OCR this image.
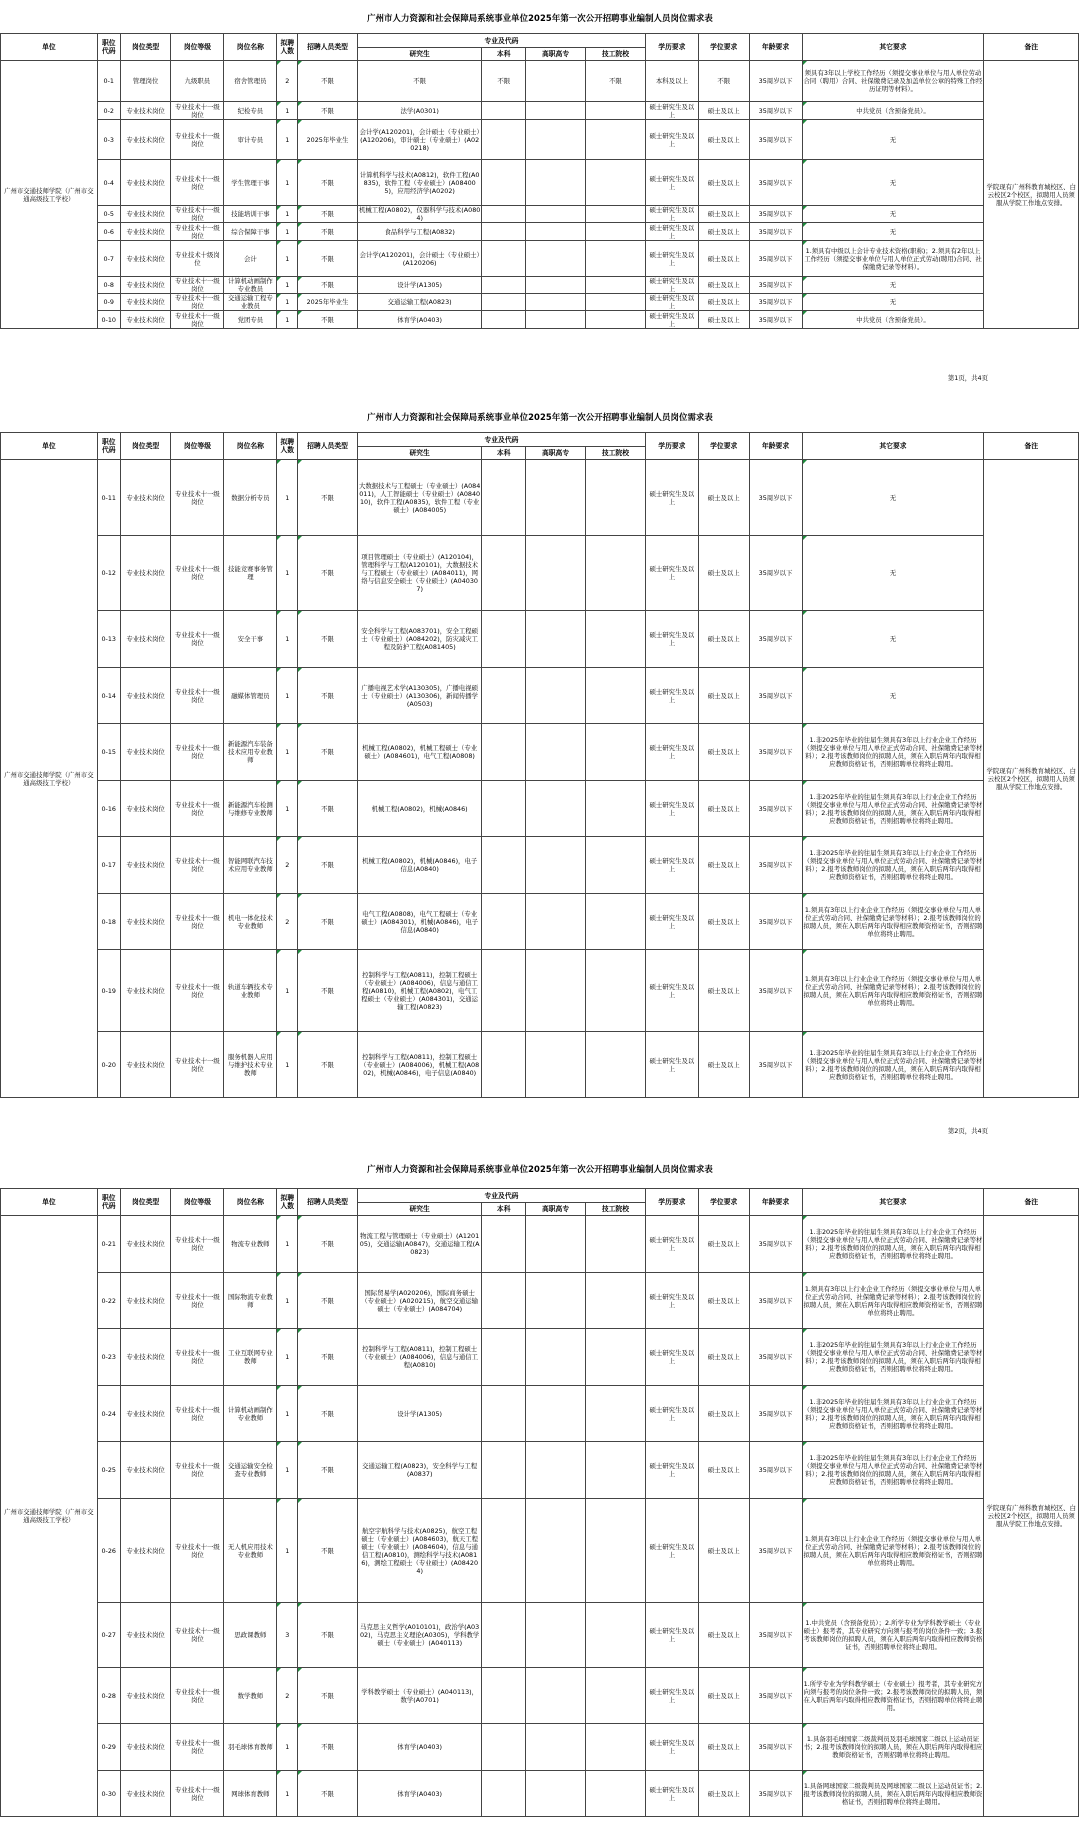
广州市人力资源和社会保障局系统事业单位2025年第一次公开招聘事业编制人员岗位需求表
单位	职位代码	岗位类型	岗位等级	岗位名称	拟聘人数	招聘人员类型	专业及代码				学历要求	学位要求	年龄要求	其它要求	备注
							研究生	本科	高职高专	技工院校					
广州市交通技师学院（广州市交通高级技工学校）	0-1	管理岗位	九级职员	宿舍管理员	2	不限	不限	不限		不限	本科及以上	不限	35周岁以下	须具有3年以上学校工作经历（须提交事业单位与用人单位劳动合同（聘用）合同、社保缴费记录及加盖单位公章的特殊工作经历证明等材料）。	学院现有广州科教育城校区、白云校区2个校区，拟聘用人员须服从学院工作地点安排。
	0-2	专业技术岗位	专业技术十一级岗位	纪检专员	1	不限	法学(A0301)				硕士研究生及以上	硕士及以上	35周岁以下	中共党员（含预备党员）。	
	0-3	专业技术岗位	专业技术十一级岗位	审计专员	1	2025年毕业生	会计学(A120201)，会计硕士（专业硕士）(A120206)，审计硕士（专业硕士）(A020218)				硕士研究生及以上	硕士及以上	35周岁以下	无	
	0-4	专业技术岗位	专业技术十一级岗位	学生管理干事	1	不限	计算机科学与技术(A0812)，软件工程(A0835)，软件工程（专业硕士）(A084005)，应用经济学(A0202)				硕士研究生及以上	硕士及以上	35周岁以下	无	
	0-5	专业技术岗位	专业技术十一级岗位	技能培训干事	1	不限	机械工程(A0802)，仪器科学与技术(A0804)				硕士研究生及以上	硕士及以上	35周岁以下	无	
	0-6	专业技术岗位	专业技术十一级岗位	综合保障干事	1	不限	食品科学与工程(A0832)				硕士研究生及以上	硕士及以上	35周岁以下	无	
	0-7	专业技术岗位	专业技术十级岗位	会计	1	不限	会计学(A120201)，会计硕士（专业硕士）(A120206)				硕士研究生及以上	硕士及以上	35周岁以下	1.须具有中级以上会计专业技术资格(职称)；2.须具有2年以上工作经历（须提交事业单位与用人单位正式劳动(聘用)合同、社保缴费记录等材料）。	
	0-8	专业技术岗位	专业技术十一级岗位	计算机动画制作专业教员	1	不限	设计学(A1305)				硕士研究生及以上	硕士及以上	35周岁以下	无	
	0-9	专业技术岗位	专业技术十一级岗位	交通运输工程专业教员	1	2025年毕业生	交通运输工程(A0823)				硕士研究生及以上	硕士及以上	35周岁以下	无	
	0-10	专业技术岗位	专业技术十一级岗位	党团专员	1	不限	体育学(A0403)				硕士研究生及以上	硕士及以上	35周岁以下	中共党员（含预备党员）。	
第1页，共4页
广州市人力资源和社会保障局系统事业单位2025年第一次公开招聘事业编制人员岗位需求表
单位	职位代码	岗位类型	岗位等级	岗位名称	拟聘人数	招聘人员类型	专业及代码				学历要求	学位要求	年龄要求	其它要求	备注
							研究生	本科	高职高专	技工院校					
广州市交通技师学院（广州市交通高级技工学校）	0-11	专业技术岗位	专业技术十一级岗位	数据分析专员	1	不限	大数据技术与工程硕士（专业硕士）(A084011)，人工智能硕士（专业硕士）(A084010)，软件工程(A0835)，软件工程（专业硕士）(A084005)				硕士研究生及以上	硕士及以上	35周岁以下	无	学院现有广州科教育城校区、白云校区2个校区，拟聘用人员须服从学院工作地点安排。
	0-12	专业技术岗位	专业技术十一级岗位	技能竞赛事务管理	1	不限	项目管理硕士（专业硕士）(A120104)，管理科学与工程(A120101)，大数据技术与工程硕士（专业硕士）(A084011)，网络与信息安全硕士（专业硕士）(A040307)				硕士研究生及以上	硕士及以上	35周岁以下	无	
	0-13	专业技术岗位	专业技术十一级岗位	安全干事	1	不限	安全科学与工程(A083701)，安全工程硕士（专业硕士）(A084202)，防灾减灾工程及防护工程(A081405)				硕士研究生及以上	硕士及以上	35周岁以下	无	
	0-14	专业技术岗位	专业技术十一级岗位	融媒体管理员	1	不限	广播电视艺术学(A130305)，广播电视硕士（专业硕士）(A130306)，新闻传播学(A0503)				硕士研究生及以上	硕士及以上	35周岁以下	无	
	0-15	专业技术岗位	专业技术十一级岗位	新能源汽车装备技术应用专业教师	1	不限	机械工程(A0802)，机械工程硕士（专业硕士）(A084601)，电气工程(A0808)				硕士研究生及以上	硕士及以上	35周岁以下	1.非2025年毕业的往届生须具有3年以上行业企业工作经历（须提交事业单位与用人单位正式劳动合同、社保缴费记录等材料）；2.报考该教师岗位的拟聘人员，须在入职后两年内取得相应教师资格证书，否则招聘单位将终止聘用。	
	0-16	专业技术岗位	专业技术十一级岗位	新能源汽车检测与维修专业教师	1	不限	机械工程(A0802)，机械(A0846)				硕士研究生及以上	硕士及以上	35周岁以下	1.非2025年毕业的往届生须具有3年以上行业企业工作经历（须提交事业单位与用人单位正式劳动合同、社保缴费记录等材料）；2.报考该教师岗位的拟聘人员，须在入职后两年内取得相应教师资格证书，否则招聘单位将终止聘用。	
	0-17	专业技术岗位	专业技术十一级岗位	智能网联汽车技术应用专业教师	2	不限	机械工程(A0802)，机械(A0846)，电子信息(A0840)				硕士研究生及以上	硕士及以上	35周岁以下	1.非2025年毕业的往届生须具有3年以上行业企业工作经历（须提交事业单位与用人单位正式劳动合同、社保缴费记录等材料）；2.报考该教师岗位的拟聘人员，须在入职后两年内取得相应教师资格证书，否则招聘单位将终止聘用。	
	0-18	专业技术岗位	专业技术十一级岗位	机电一体化技术专业教师	2	不限	电气工程(A0808)，电气工程硕士（专业硕士）(A084301)，机械(A0846)，电子信息(A0840)				硕士研究生及以上	硕士及以上	35周岁以下	1.须具有3年以上行业企业工作经历（须提交事业单位与用人单位正式劳动合同、社保缴费记录等材料）；2.报考该教师岗位的拟聘人员，须在入职后两年内取得相应教师资格证书，否则招聘单位将终止聘用。	
	0-19	专业技术岗位	专业技术十一级岗位	轨道车辆技术专业教师	1	不限	控制科学与工程(A0811)，控制工程硕士（专业硕士）(A084006)，信息与通信工程(A0810)，机械工程(A0802)，电气工程硕士（专业硕士）(A084301)，交通运输工程(A0823)				硕士研究生及以上	硕士及以上	35周岁以下	1.须具有3年以上行业企业工作经历（须提交事业单位与用人单位正式劳动合同、社保缴费记录等材料）；2.报考该教师岗位的拟聘人员，须在入职后两年内取得相应教师资格证书，否则招聘单位将终止聘用。	
	0-20	专业技术岗位	专业技术十一级岗位	服务机器人应用与维护技术专业教师	1	不限	控制科学与工程(A0811)，控制工程硕士（专业硕士）(A084006)，机械工程(A0802)，机械(A0846)，电子信息(A0840)				硕士研究生及以上	硕士及以上	35周岁以下	1.非2025年毕业的往届生须具有3年以上行业企业工作经历（须提交事业单位与用人单位正式劳动合同、社保缴费记录等材料）；2.报考该教师岗位的拟聘人员，须在入职后两年内取得相应教师资格证书，否则招聘单位将终止聘用。	
第2页，共4页
广州市人力资源和社会保障局系统事业单位2025年第一次公开招聘事业编制人员岗位需求表
单位	职位代码	岗位类型	岗位等级	岗位名称	拟聘人数	招聘人员类型	专业及代码				学历要求	学位要求	年龄要求	其它要求	备注
							研究生	本科	高职高专	技工院校					
广州市交通技师学院（广州市交通高级技工学校）	0-21	专业技术岗位	专业技术十一级岗位	物流专业教师	1	不限	物流工程与管理硕士（专业硕士）(A120105)，交通运输(A0847)，交通运输工程(A0823)				硕士研究生及以上	硕士及以上	35周岁以下	1.非2025年毕业的往届生须具有3年以上行业企业工作经历（须提交事业单位与用人单位正式劳动合同、社保缴费记录等材料）；2.报考该教师岗位的拟聘人员，须在入职后两年内取得相应教师资格证书，否则招聘单位将终止聘用。	学院现有广州科教育城校区、白云校区2个校区，拟聘用人员须服从学院工作地点安排。
	0-22	专业技术岗位	专业技术十一级岗位	国际物流专业教师	1	不限	国际贸易学(A020206)，国际商务硕士（专业硕士）(A020215)，航空交通运输硕士（专业硕士）(A084704)				硕士研究生及以上	硕士及以上	35周岁以下	1.须具有3年以上行业企业工作经历（须提交事业单位与用人单位正式劳动合同、社保缴费记录等材料）；2.报考该教师岗位的拟聘人员，须在入职后两年内取得相应教师资格证书，否则招聘单位将终止聘用。	
	0-23	专业技术岗位	专业技术十一级岗位	工业互联网专业教师	1	不限	控制科学与工程(A0811)，控制工程硕士（专业硕士）(A084006)，信息与通信工程(A0810)				硕士研究生及以上	硕士及以上	35周岁以下	1.非2025年毕业的往届生须具有3年以上行业企业工作经历（须提交事业单位与用人单位正式劳动合同、社保缴费记录等材料）；2.报考该教师岗位的拟聘人员，须在入职后两年内取得相应教师资格证书，否则招聘单位将终止聘用。	
	0-24	专业技术岗位	专业技术十一级岗位	计算机动画制作专业教师	1	不限	设计学(A1305)				硕士研究生及以上	硕士及以上	35周岁以下	1.非2025年毕业的往届生须具有3年以上行业企业工作经历（须提交事业单位与用人单位正式劳动合同、社保缴费记录等材料）；2.报考该教师岗位的拟聘人员，须在入职后两年内取得相应教师资格证书，否则招聘单位将终止聘用。	
	0-25	专业技术岗位	专业技术十一级岗位	交通运输安全检查专业教师	1	不限	交通运输工程(A0823)，安全科学与工程(A0837)				硕士研究生及以上	硕士及以上	35周岁以下	1.非2025年毕业的往届生须具有3年以上行业企业工作经历（须提交事业单位与用人单位正式劳动合同、社保缴费记录等材料）；2.报考该教师岗位的拟聘人员，须在入职后两年内取得相应教师资格证书，否则招聘单位将终止聘用。	
	0-26	专业技术岗位	专业技术十一级岗位	无人机应用技术专业教师	1	不限	航空宇航科学与技术(A0825)，航空工程硕士（专业硕士）(A084603)，航天工程硕士（专业硕士）(A084604)，信息与通信工程(A0810)，测绘科学与技术(A0816)，测绘工程硕士（专业硕士）(A084204)				硕士研究生及以上	硕士及以上	35周岁以下	1.须具有3年以上行业企业工作经历（须提交事业单位与用人单位正式劳动合同、社保缴费记录等材料）；2.报考该教师岗位的拟聘人员，须在入职后两年内取得相应教师资格证书，否则招聘单位将终止聘用。	
	0-27	专业技术岗位	专业技术十一级岗位	思政课教师	3	不限	马克思主义哲学(A010101)，政治学(A0302)，马克思主义理论(A0305)，学科教学硕士（专业硕士）(A040113)				硕士研究生及以上	硕士及以上	35周岁以下	1.中共党员（含预备党员）；2.所学专业为学科教学硕士（专业硕士）报考者，其专业研究方向须与报考的岗位条件一致；3.报考该教师岗位的拟聘人员，须在入职后两年内取得相应教师资格证书，否则招聘单位将终止聘用。	
	0-28	专业技术岗位	专业技术十一级岗位	数学教师	2	不限	学科教学硕士（专业硕士）(A040113)，数学(A0701)				硕士研究生及以上	硕士及以上	35周岁以下	1.所学专业为学科教学硕士（专业硕士）报考者，其专业研究方向须与报考的岗位条件一致；2.报考该教师岗位的拟聘人员，须在入职后两年内取得相应教师资格证书，否则招聘单位将终止聘用。	
	0-29	专业技术岗位	专业技术十一级岗位	羽毛球体育教师	1	不限	体育学(A0403)				硕士研究生及以上	硕士及以上	35周岁以下	1.具备羽毛球国家二级裁判员及羽毛球国家二级以上运动员证书；2.报考该教师岗位的拟聘人员，须在入职后两年内取得相应教师资格证书，否则招聘单位将终止聘用。	
	0-30	专业技术岗位	专业技术十一级岗位	网球体育教师	1	不限	体育学(A0403)				硕士研究生及以上	硕士及以上	35周岁以下	1.具备网球国家二级裁判员及网球国家二级以上运动员证书；2.报考该教师岗位的拟聘人员，须在入职后两年内取得相应教师资格证书，否则招聘单位将终止聘用。	
